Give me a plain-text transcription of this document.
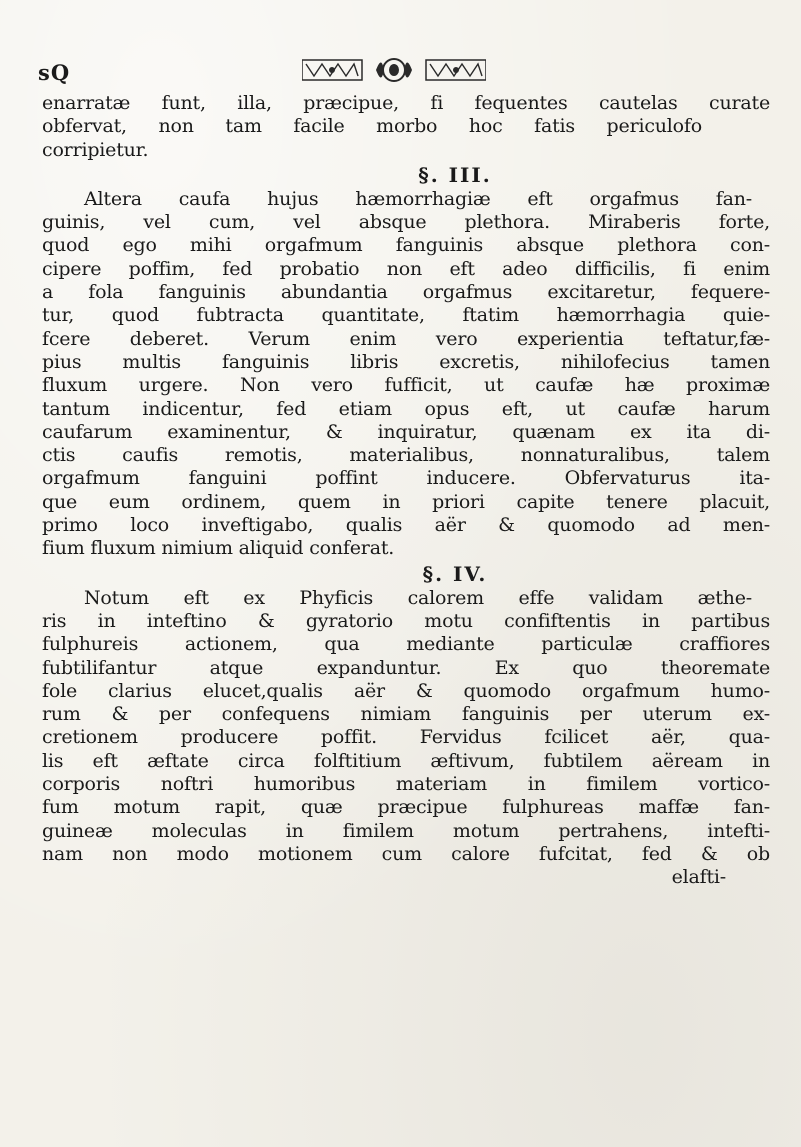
sQ
enarratæ funt, illa, præcipue, fi fequentes cautelas curate
obfervat, non tam facile morbo hoc fatis periculofo
corripietur.
§. III.
Altera caufa hujus hæmorrhagiæ eft orgafmus fan-
guinis, vel cum, vel absque plethora. Miraberis forte,
quod ego mihi orgafmum fanguinis absque plethora con-
cipere poffim, fed probatio non eft adeo difficilis, fi enim
a fola fanguinis abundantia orgafmus excitaretur, fequere-
tur, quod fubtracta quantitate, ftatim hæmorrhagia quie-
fcere deberet. Verum enim vero experientia teftatur,fæ-
pius multis fanguinis libris excretis, nihilofecius tamen
fluxum urgere. Non vero fufficit, ut caufæ hæ proximæ
tantum indicentur, fed etiam opus eft, ut caufæ harum
caufarum examinentur, & inquiratur, quænam ex ita di-
ctis caufis remotis, materialibus, nonnaturalibus, talem
orgafmum fanguini poffint inducere. Obfervaturus ita-
que eum ordinem, quem in priori capite tenere placuit,
primo loco inveftigabo, qualis aër & quomodo ad men-
fium fluxum nimium aliquid conferat.
§. IV.
Notum eft ex Phyficis calorem effe validam æthe-
ris in inteftino & gyratorio motu confiftentis in partibus
fulphureis actionem, qua mediante particulæ craffiores
fubtilifantur atque expanduntur. Ex quo theoremate
fole clarius elucet,qualis aër & quomodo orgafmum humo-
rum & per confequens nimiam fanguinis per uterum ex-
cretionem producere poffit. Fervidus fcilicet aër, qua-
lis eft æftate circa folftitium æftivum, fubtilem aëream in
corporis noftri humoribus materiam in fimilem vortico-
fum motum rapit, quæ præcipue fulphureas maffæ fan-
guineæ moleculas in fimilem motum pertrahens, intefti-
nam non modo motionem cum calore fufcitat, fed & ob
elafti-
